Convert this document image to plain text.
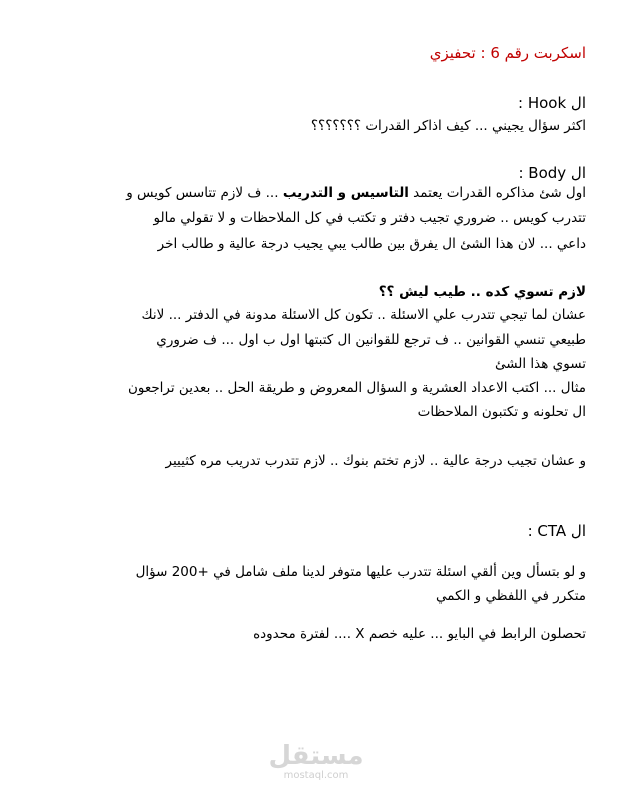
اسكربت رقم 6 : تحفيزي
ال Hook :
اكثر سؤال يجيني ... كيف اذاكر القدرات ؟؟؟؟؟؟؟
ال Body :
اول شئ مذاكره القدرات يعتمد التاسيس و التدريب ... ف لازم تتاسس كويس و
تتدرب كويس .. ضروري تجيب دفتر و تكتب في كل الملاحظات و لا تقولي مالو
داعي ... لان هذا الشئ ال يفرق بين طالب يبي يجيب درجة عالية و طالب اخر
لازم تسوي كده .. طيب ليش ؟؟
عشان لما تيجي تتدرب علي الاسئلة .. تكون كل الاسئلة مدونة في الدفتر ... لانك
طبيعي تنسي القوانين .. ف ترجع للقوانين ال كتبتها اول ب اول ... ف ضروري
تسوي هذا الشئ
مثال ... اكتب الاعداد العشرية و السؤال المعروض و طريقة الحل .. بعدين تراجعون
ال تحلونه و تكتبون الملاحظات
و عشان تجيب درجة عالية .. لازم تختم بنوك .. لازم تتدرب تدريب مره كثييير
ال CTA :
و لو بتسأل وين ألقي اسئلة تتدرب عليها متوفر لدينا ملف شامل في +200 سؤال
متكرر في اللفظي و الكمي
تحصلون الرابط في البايو ... عليه خصم X .... لفترة محدوده
مستقل
mostaql.com
